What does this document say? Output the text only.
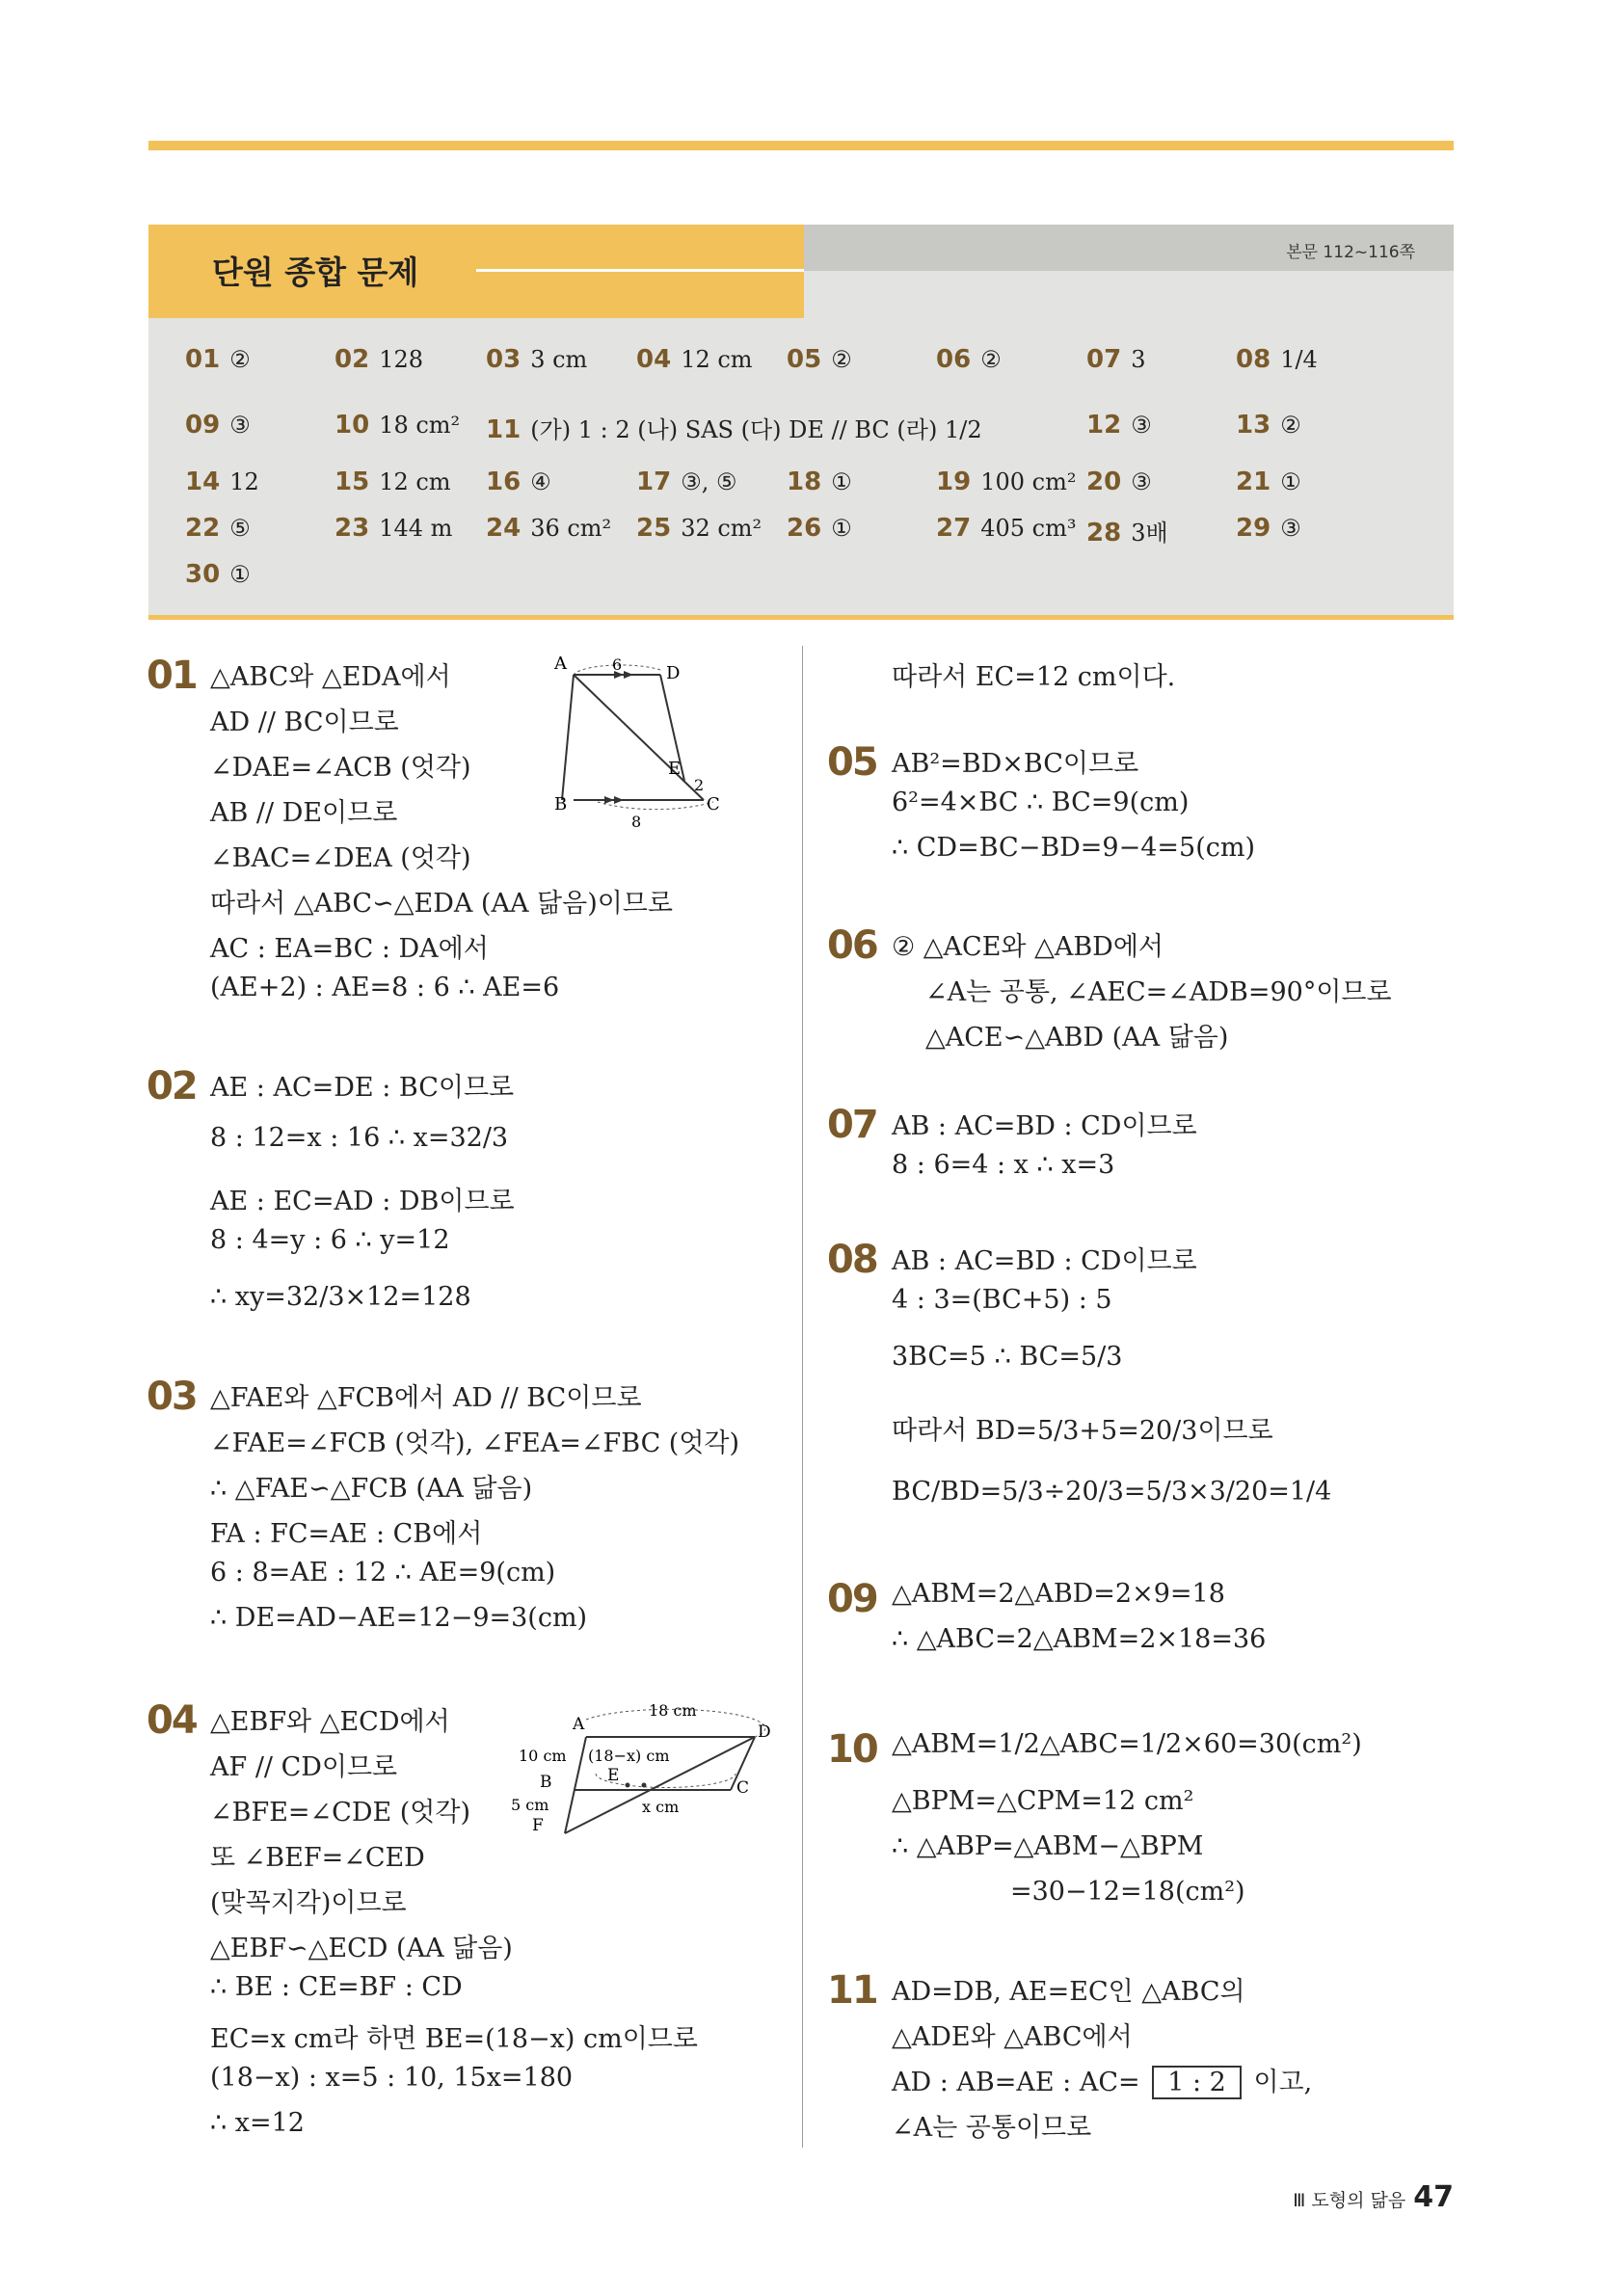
단원 종합 문제
본문 112~116쪽
01 ②	02 128	03 3 cm 04 12 cm 05 ②	06 ②	07 3	08 1/4
09 ③	10 18 cm² 11 (가) 1 : 2 (나) SAS (다) DE // BC (라) 1/2	12 ③	13 ②
14 12	15 12 cm 16 ④	17 ③, ⑤ 18 ①	19 100 cm² 20 ③	21 ①
22 ⑤	23 144 m 24 36 cm² 25 32 cm² 26 ①	27 405 cm³ 28 3배	29 ③
30 ①
01 △ABC와 △EDA에서
AD // BC이므로
∠DAE=∠ACB (엇각)
AB // DE이므로
∠BAC=∠DEA (엇각)
따라서 △ABC∽△EDA (AA 닮음)이므로
AC : EA=BC : DA에서
(AE+2) : AE=8 : 6 ∴ AE=6
A	D
B	C
E
6
2
8
02 AE : AC=DE : BC이므로
8 : 12=x : 16 ∴ x=32/3
AE : EC=AD : DB이므로
8 : 4=y : 6 ∴ y=12
∴ xy=32/3×12=128
03 △FAE와 △FCB에서 AD // BC이므로
∠FAE=∠FCB (엇각), ∠FEA=∠FBC (엇각)
∴ △FAE∽△FCB (AA 닮음)
FA : FC=AE : CB에서
6 : 8=AE : 12 ∴ AE=9(cm)
∴ DE=AD−AE=12−9=3(cm)
04 △EBF와 △ECD에서
AF // CD이므로
∠BFE=∠CDE (엇각)
또 ∠BEF=∠CED
(맞꼭지각)이므로
△EBF∽△ECD (AA 닮음)
∴ BE : CE=BF : CD
EC=x cm라 하면 BE=(18−x) cm이므로
(18−x) : x=5 : 10, 15x=180
∴ x=12
A	D
B	C
E
F
18 cm
10 cm (18−x) cm
5 cm	x cm
따라서 EC=12 cm이다.
05 AB²=BD×BC이므로
6²=4×BC ∴ BC=9(cm)
∴ CD=BC−BD=9−4=5(cm)
06 ② △ACE와 △ABD에서
∠A는 공통, ∠AEC=∠ADB=90°이므로
△ACE∽△ABD (AA 닮음)
07 AB : AC=BD : CD이므로
8 : 6=4 : x ∴ x=3
08 AB : AC=BD : CD이므로
4 : 3=(BC+5) : 5
3BC=5 ∴ BC=5/3
따라서 BD=5/3+5=20/3이므로
BC/BD=5/3÷20/3=5/3×3/20=1/4
09 △ABM=2△ABD=2×9=18
∴ △ABC=2△ABM=2×18=36
10 △ABM=1/2△ABC=1/2×60=30(cm²)
△BPM=△CPM=12 cm²
∴ △ABP=△ABM−△BPM
=30−12=18(cm²)
11 AD=DB, AE=EC인 △ABC의
△ADE와 △ABC에서
AD : AB=AE : AC= 1 : 2 이고,
∠A는 공통이므로
Ⅲ 도형의 닮음 47
